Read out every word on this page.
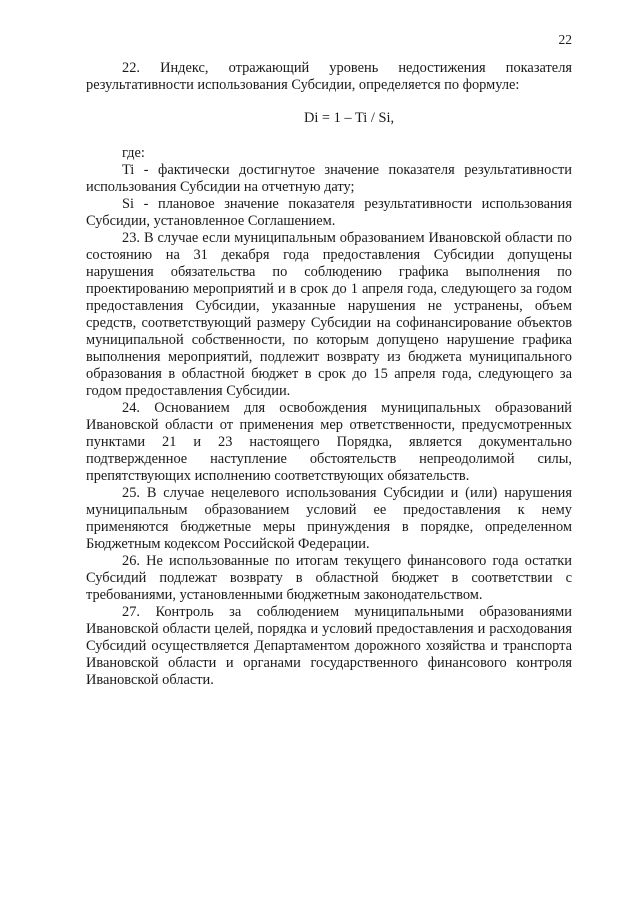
22

22. Индекс, отражающий уровень недостижения показателя результативности использования Субсидии, определяется по формуле:

Di = 1 – Ti / Si,

где:

Ti - фактически достигнутое значение показателя результативности использования Субсидии на отчетную дату;

Si - плановое значение показателя результативности использования Субсидии, установленное Соглашением.

23. В случае если муниципальным образованием Ивановской области по состоянию на 31 декабря года предоставления Субсидии допущены нарушения обязательства по соблюдению графика выполнения по проектированию мероприятий и в срок до 1 апреля года, следующего за годом предоставления Субсидии, указанные нарушения не устранены, объем средств, соответствующий размеру Субсидии на софинансирование объектов муниципальной собственности, по которым допущено нарушение графика выполнения мероприятий, подлежит возврату из бюджета муниципального образования в областной бюджет в срок до 15 апреля года, следующего за годом предоставления Субсидии.

24. Основанием для освобождения муниципальных образований Ивановской области от применения мер ответственности, предусмотренных пунктами 21 и 23 настоящего Порядка, является документально подтвержденное наступление обстоятельств непреодолимой силы, препятствующих исполнению соответствующих обязательств.

25. В случае нецелевого использования Субсидии и (или) нарушения муниципальным образованием условий ее предоставления к нему применяются бюджетные меры принуждения в порядке, определенном Бюджетным кодексом Российской Федерации.

26. Не использованные по итогам текущего финансового года остатки Субсидий подлежат возврату в областной бюджет в соответствии с требованиями, установленными бюджетным законодательством.

27. Контроль за соблюдением муниципальными образованиями Ивановской области целей, порядка и условий предоставления и расходования Субсидий осуществляется Департаментом дорожного хозяйства и транспорта Ивановской области и органами государственного финансового контроля Ивановской области.
